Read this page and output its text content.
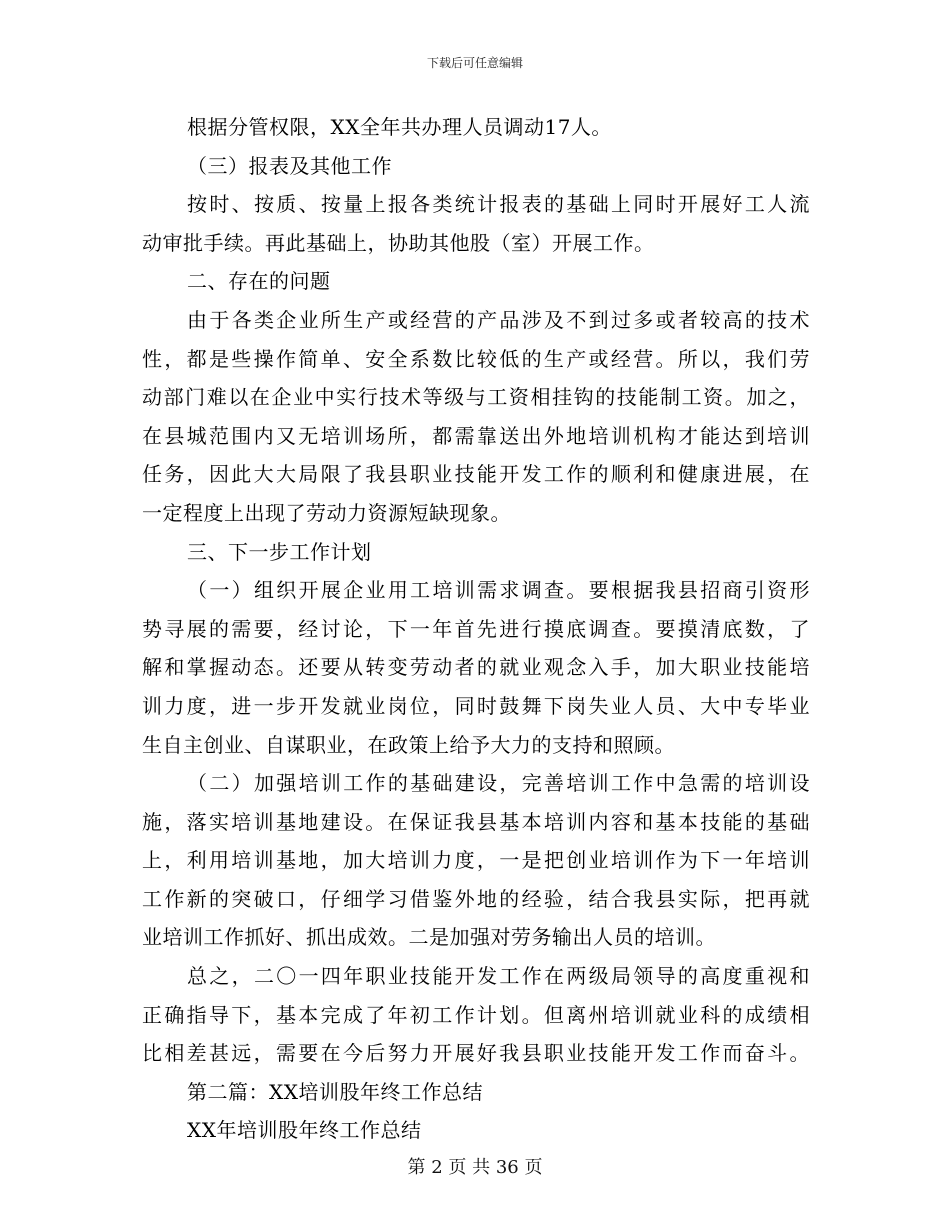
下载后可任意编辑
根据分管权限，XX全年共办理人员调动17人。
（三）报表及其他工作
按时、按质、按量上报各类统计报表的基础上同时开展好工人流
动审批手续。再此基础上，协助其他股（室）开展工作。
二、存在的问题
由于各类企业所生产或经营的产品涉及不到过多或者较高的技术
性，都是些操作简单、安全系数比较低的生产或经营。所以，我们劳
动部门难以在企业中实行技术等级与工资相挂钩的技能制工资。加之，
在县城范围内又无培训场所，都需靠送出外地培训机构才能达到培训
任务，因此大大局限了我县职业技能开发工作的顺利和健康进展，在
一定程度上出现了劳动力资源短缺现象。
三、下一步工作计划
（一）组织开展企业用工培训需求调查。要根据我县招商引资形
势寻展的需要，经讨论，下一年首先进行摸底调查。要摸清底数，了
解和掌握动态。还要从转变劳动者的就业观念入手，加大职业技能培
训力度，进一步开发就业岗位，同时鼓舞下岗失业人员、大中专毕业
生自主创业、自谋职业，在政策上给予大力的支持和照顾。
（二）加强培训工作的基础建设，完善培训工作中急需的培训设
施，落实培训基地建设。在保证我县基本培训内容和基本技能的基础
上，利用培训基地，加大培训力度，一是把创业培训作为下一年培训
工作新的突破口，仔细学习借鉴外地的经验，结合我县实际，把再就
业培训工作抓好、抓出成效。二是加强对劳务输出人员的培训。
总之，二〇一四年职业技能开发工作在两级局领导的高度重视和
正确指导下，基本完成了年初工作计划。但离州培训就业科的成绩相
比相差甚远，需要在今后努力开展好我县职业技能开发工作而奋斗。
第二篇：XX培训股年终工作总结
XX年培训股年终工作总结
第 2 页 共 36 页
